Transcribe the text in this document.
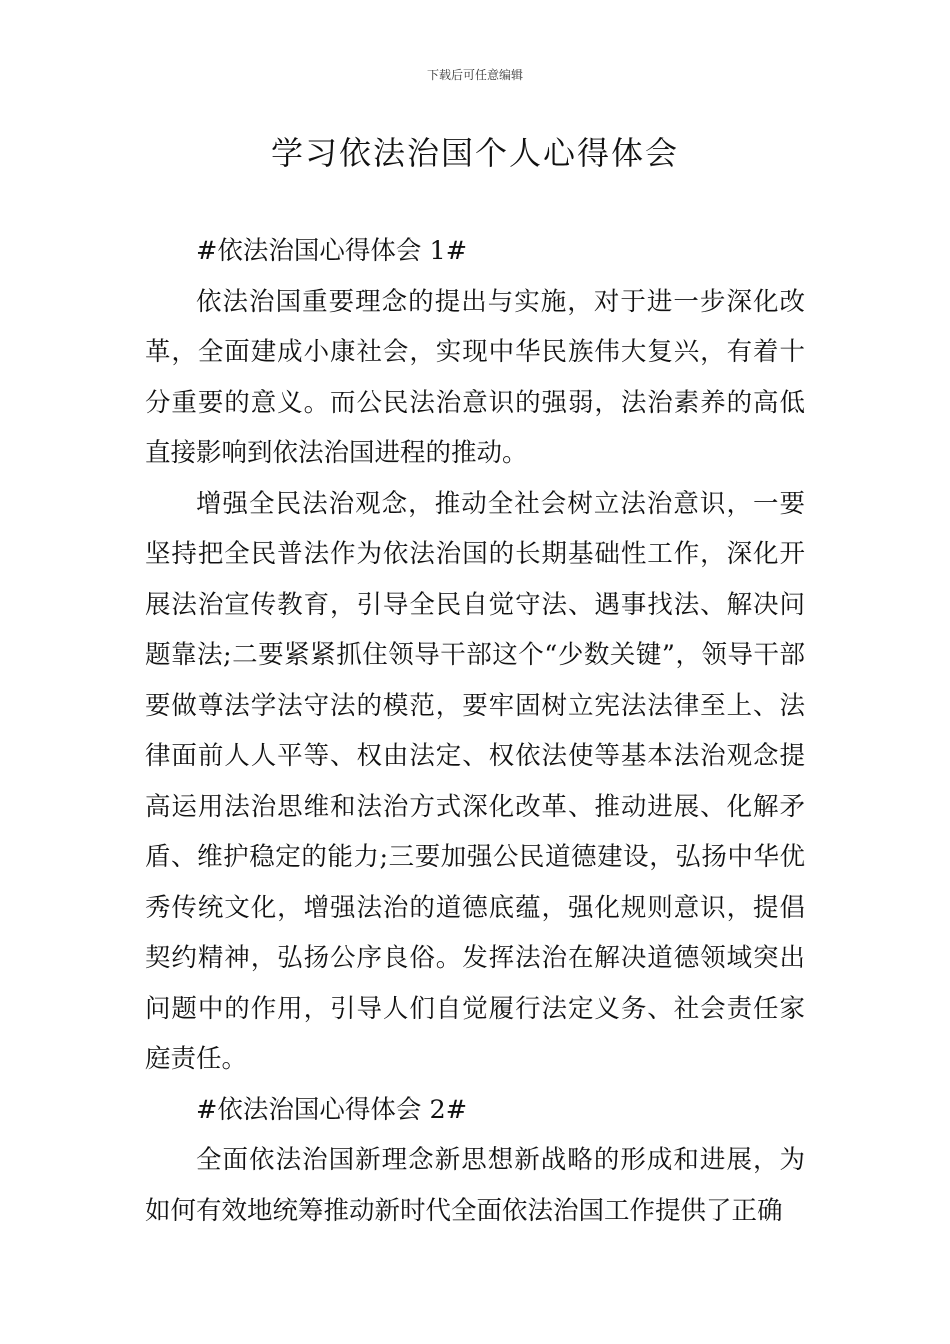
下载后可任意编辑
学习依法治国个人心得体会

#依法治国心得体会 1#

依法治国重要理念的提出与实施，对于进一步深化改革，全面建成小康社会，实现中华民族伟大复兴，有着十分重要的意义。而公民法治意识的强弱，法治素养的高低直接影响到依法治国进程的推动。

增强全民法治观念，推动全社会树立法治意识，一要坚持把全民普法作为依法治国的长期基础性工作，深化开展法治宣传教育，引导全民自觉守法、遇事找法、解决问题靠法;二要紧紧抓住领导干部这个“少数关键”，领导干部要做尊法学法守法的模范，要牢固树立宪法法律至上、法律面前人人平等、权由法定、权依法使等基本法治观念提高运用法治思维和法治方式深化改革、推动进展、化解矛盾、维护稳定的能力;三要加强公民道德建设，弘扬中华优秀传统文化，增强法治的道德底蕴，强化规则意识，提倡契约精神，弘扬公序良俗。发挥法治在解决道德领域突出问题中的作用，引导人们自觉履行法定义务、社会责任家庭责任。

#依法治国心得体会 2#

全面依法治国新理念新思想新战略的形成和进展，为如何有效地统筹推动新时代全面依法治国工作提供了正确
